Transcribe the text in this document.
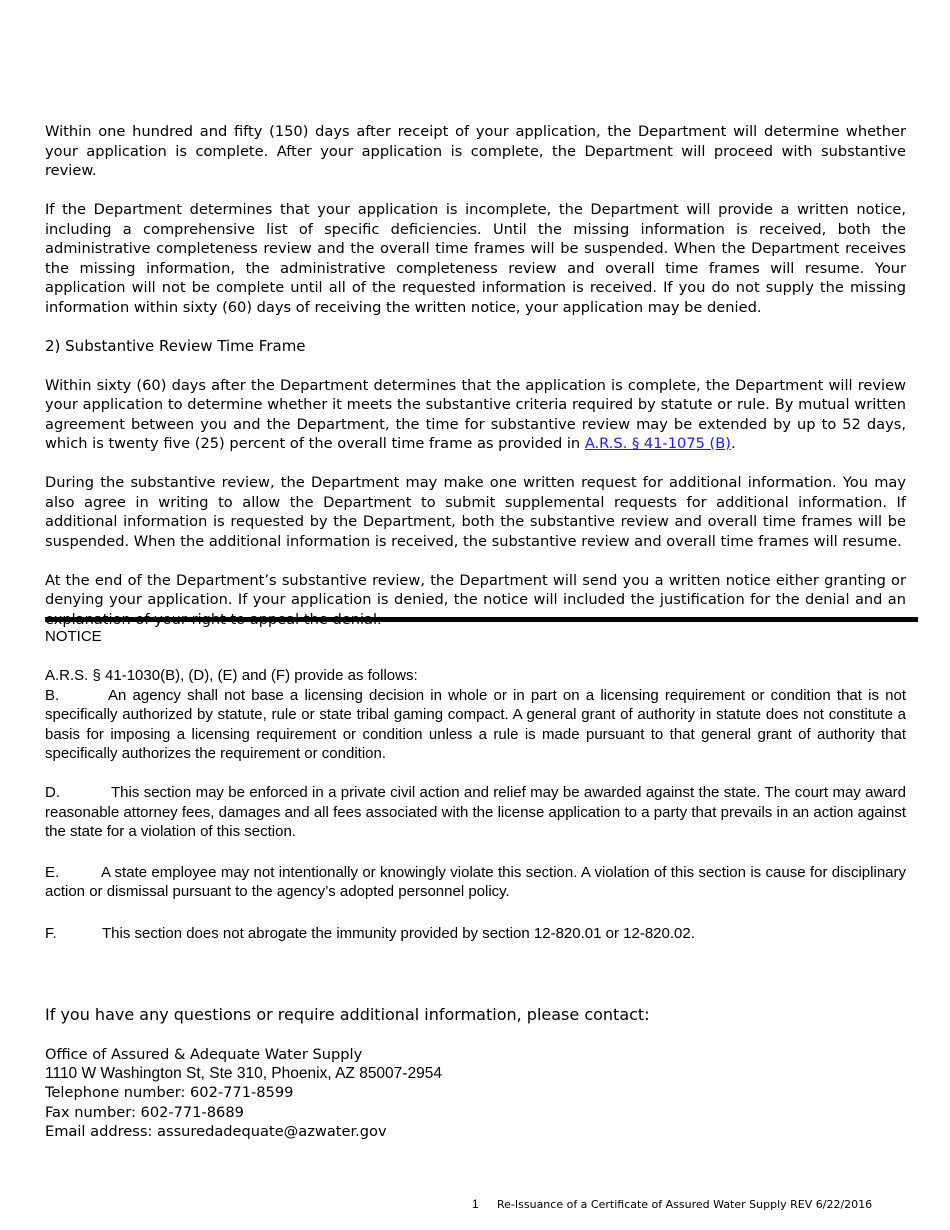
Within one hundred and fifty (150) days after receipt of your application, the Department will determine whether your application is complete. After your application is complete, the Department will proceed with substantive review.

If the Department determines that your application is incomplete, the Department will provide a written notice, including a comprehensive list of specific deficiencies. Until the missing information is received, both the administrative completeness review and the overall time frames will be suspended. When the Department receives the missing information, the administrative completeness review and overall time frames will resume. Your application will not be complete until all of the requested information is received. If you do not supply the missing information within sixty (60) days of receiving the written notice, your application may be denied.

2) Substantive Review Time Frame

Within sixty (60) days after the Department determines that the application is complete, the Department will review your application to determine whether it meets the substantive criteria required by statute or rule. By mutual written agreement between you and the Department, the time for substantive review may be extended by up to 52 days, which is twenty five (25) percent of the overall time frame as provided in A.R.S. § 41-1075 (B).

During the substantive review, the Department may make one written request for additional information. You may also agree in writing to allow the Department to submit supplemental requests for additional information. If additional information is requested by the Department, both the substantive review and overall time frames will be suspended. When the additional information is received, the substantive review and overall time frames will resume.

At the end of the Department’s substantive review, the Department will send you a written notice either granting or denying your application. If your application is denied, the notice will included the justification for the denial and an

NOTICE

A.R.S. § 41-1030(B), (D), (E) and (F) provide as follows:

B.	An agency shall not base a licensing decision in whole or in part on a licensing requirement or condition that is not specifically authorized by statute, rule or state tribal gaming compact. A general grant of authority in statute does not constitute a basis for imposing a licensing requirement or condition unless a rule is made pursuant to that general grant of authority that specifically authorizes the requirement or condition.

D.	This section may be enforced in a private civil action and relief may be awarded against the state. The court may award reasonable attorney fees, damages and all fees associated with the license application to a party that prevails in an action against the state for a violation of this section.

E.	A state employee may not intentionally or knowingly violate this section. A violation of this section is cause for disciplinary action or dismissal pursuant to the agency’s adopted personnel policy.

F.	This section does not abrogate the immunity provided by section 12-820.01 or 12-820.02.

If you have any questions or require additional information, please contact:

Office of Assured & Adequate Water Supply

1110 W Washington St, Ste 310, Phoenix, AZ 85007-2954

Telephone number: 602-771-8599

Fax number: 602-771-8689

Email address: assuredadequate@azwater.gov

1 Re-Issuance of a Certificate of Assured Water Supply REV 6/22/2016
